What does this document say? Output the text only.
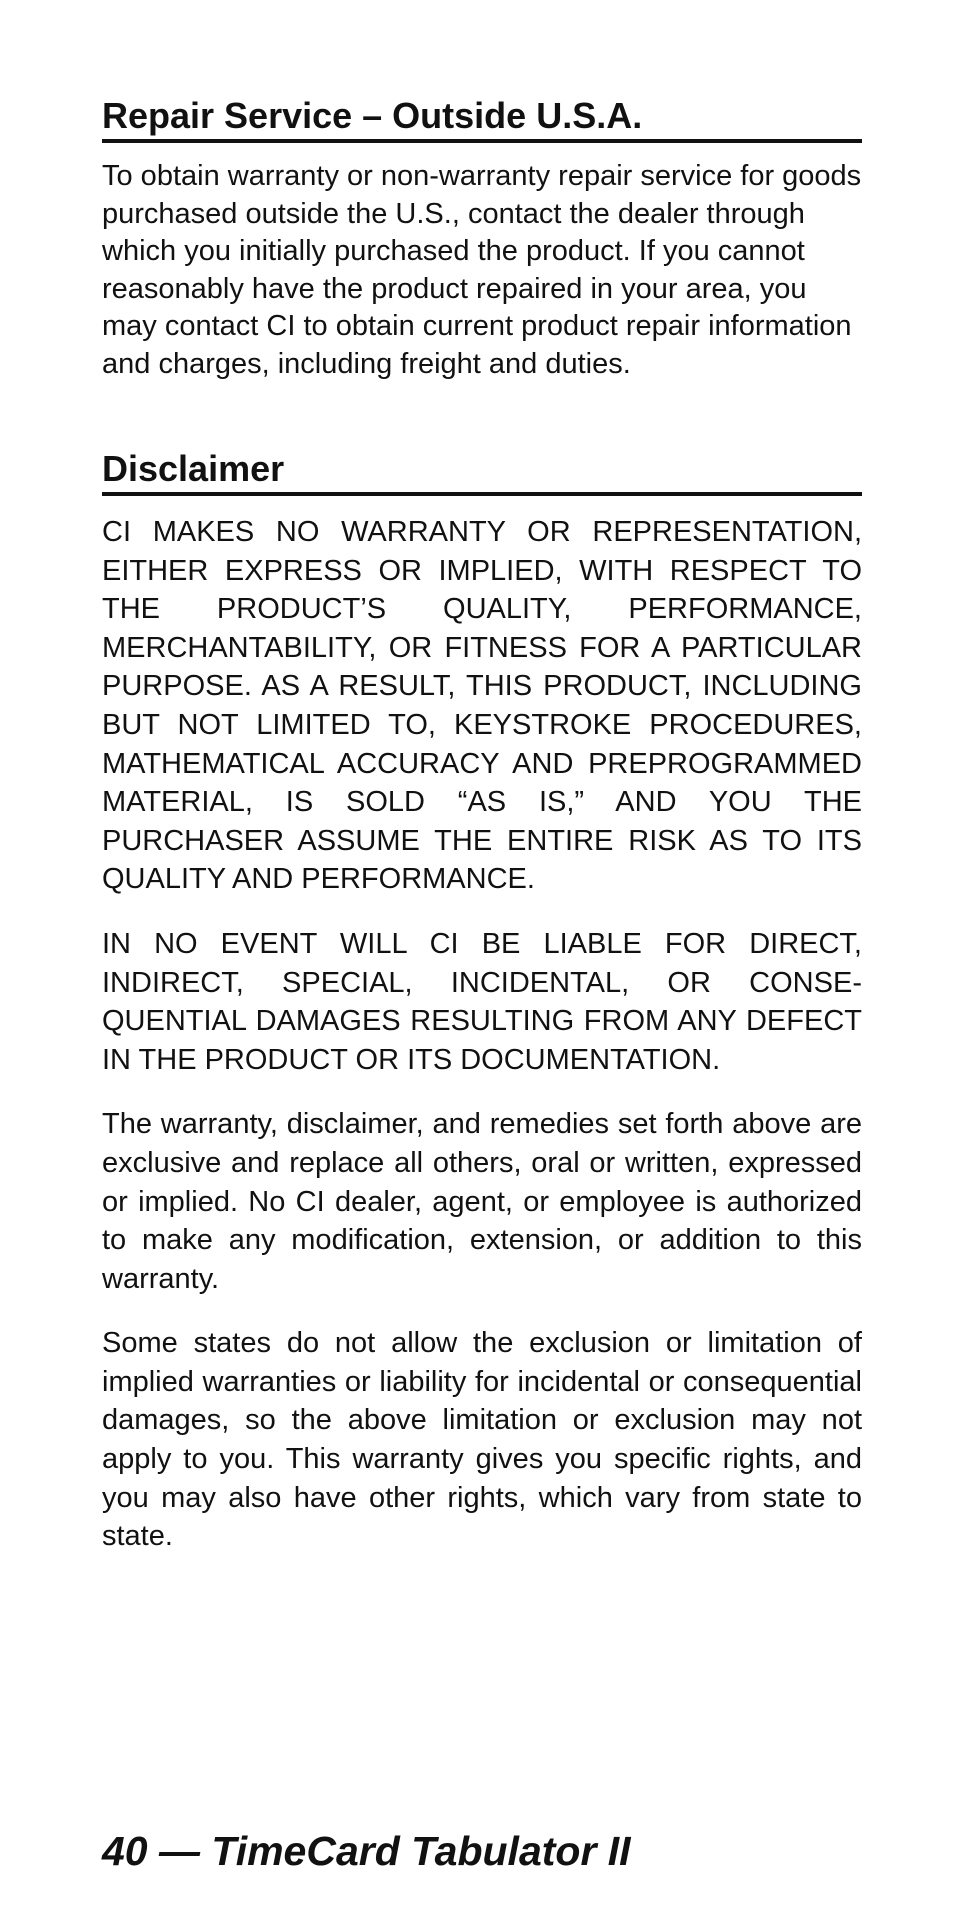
Repair Service – Outside U.S.A.

To obtain warranty or non-warranty repair service for goods purchased outside the U.S., contact the dealer through which you initially purchased the product. If you cannot reasonably have the product repaired in your area, you may contact CI to obtain current product repair information and charges, including freight and duties.

Disclaimer

CI MAKES NO WARRANTY OR REPRESENTATION, EITHER EXPRESS OR IMPLIED, WITH RESPECT TO THE PRODUCT’S QUALITY, PERFORMANCE, MERCHANTABILITY, OR FITNESS FOR A PARTICULAR PURPOSE. AS A RESULT, THIS PRODUCT, INCLUDING BUT NOT LIMITED TO, KEYSTROKE PROCEDURES, MATHEMATICAL ACCURACY AND PREPROGRAMMED MATERIAL, IS SOLD “AS IS,” AND YOU THE PURCHASER ASSUME THE ENTIRE RISK AS TO ITS QUALITY AND PERFORMANCE.

IN NO EVENT WILL CI BE LIABLE FOR DIRECT, INDIRECT, SPECIAL, INCIDENTAL, OR CONSEQUENTIAL DAMAGES RESULTING FROM ANY DEFECT IN THE PRODUCT OR ITS DOCUMENTATION.

The warranty, disclaimer, and remedies set forth above are exclusive and replace all others, oral or written, expressed or implied. No CI dealer, agent, or employee is authorized to make any modification, extension, or addition to this warranty.

Some states do not allow the exclusion or limitation of implied warranties or liability for incidental or consequential damages, so the above limitation or exclusion may not apply to you. This warranty gives you specific rights, and you may also have other rights, which vary from state to state.

40 — TimeCard Tabulator II
